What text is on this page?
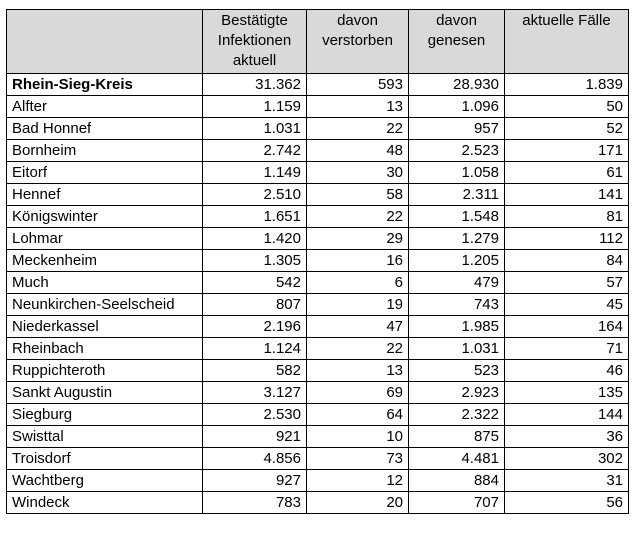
	Bestätigte
Infektionen
aktuell	davon
verstorben	davon
genesen	aktuelle Fälle

Rhein-Sieg-Kreis	31.362	593	28.930	1.839
Alfter	1.159	13	1.096	50
Bad Honnef	1.031	22	957	52
Bornheim	2.742	48	2.523	171
Eitorf	1.149	30	1.058	61
Hennef	2.510	58	2.311	141
Königswinter	1.651	22	1.548	81
Lohmar	1.420	29	1.279	112
Meckenheim	1.305	16	1.205	84
Much	542	6	479	57
Neunkirchen-Seelscheid	807	19	743	45
Niederkassel	2.196	47	1.985	164
Rheinbach	1.124	22	1.031	71
Ruppichteroth	582	13	523	46
Sankt Augustin	3.127	69	2.923	135
Siegburg	2.530	64	2.322	144
Swisttal	921	10	875	36
Troisdorf	4.856	73	4.481	302
Wachtberg	927	12	884	31
Windeck	783	20	707	56
